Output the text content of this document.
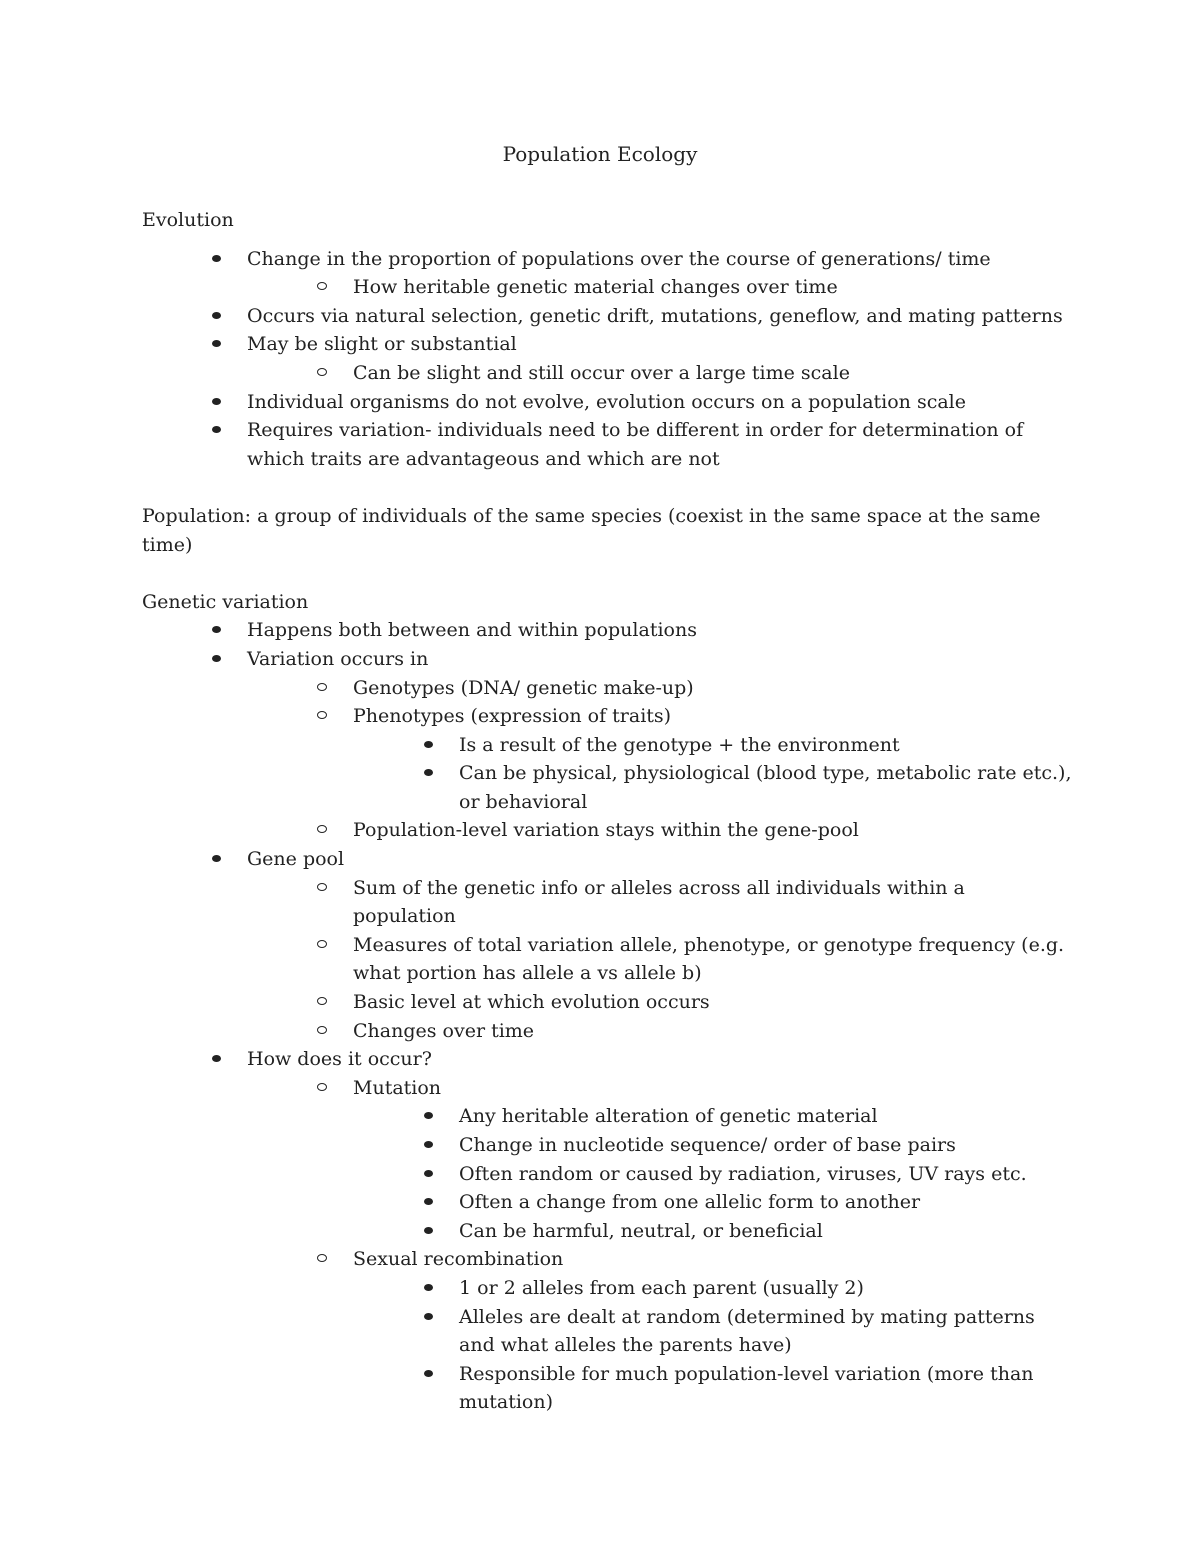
Population Ecology

Evolution

Change in the proportion of populations over the course of generations/ time
How heritable genetic material changes over time
Occurs via natural selection, genetic drift, mutations, geneflow, and mating patterns
May be slight or substantial
Can be slight and still occur over a large time scale
Individual organisms do not evolve, evolution occurs on a population scale
Requires variation- individuals need to be different in order for determination of which traits are advantageous and which are not

Population: a group of individuals of the same species (coexist in the same space at the same time)

Genetic variation

Happens both between and within populations
Variation occurs in
Genotypes (DNA/ genetic make-up)
Phenotypes (expression of traits)
Is a result of the genotype + the environment
Can be physical, physiological (blood type, metabolic rate etc.), or behavioral
Population-level variation stays within the gene-pool
Gene pool
Sum of the genetic info or alleles across all individuals within a population
Measures of total variation allele, phenotype, or genotype frequency (e.g. what portion has allele a vs allele b)
Basic level at which evolution occurs
Changes over time
How does it occur?
Mutation
Any heritable alteration of genetic material
Change in nucleotide sequence/ order of base pairs
Often random or caused by radiation, viruses, UV rays etc.
Often a change from one allelic form to another
Can be harmful, neutral, or beneficial
Sexual recombination
1 or 2 alleles from each parent (usually 2)
Alleles are dealt at random (determined by mating patterns and what alleles the parents have)
Responsible for much population-level variation (more than mutation)
